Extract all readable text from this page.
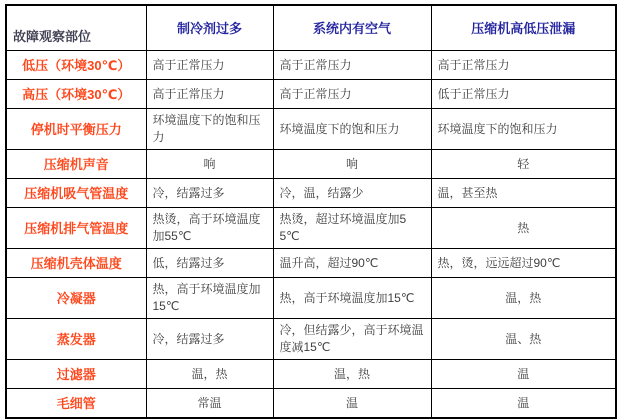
故障观察部位	制冷剂过多	系统内有空气	压缩机高低压泄漏
低压（环境30℃）	高于正常压力	高于正常压力	高于正常压力
高压（环境30℃）	高于正常压力	高于正常压力	低于正常压力
停机时平衡压力	环境温度下的饱和压力	环境温度下的饱和压力	环境温度下的饱和压力
压缩机声音	响	响	轻
压缩机吸气管温度	冷，结露过多	冷，温，结露少	温，甚至热
压缩机排气管温度	热烫，高于环境温度加55℃	热烫，超过环境温度加55℃	热
压缩机壳体温度	低，结露过多	温升高，超过90℃	热，烫，远远超过90℃
冷凝器	热，高于环境温度加15℃	热，高于环境温度加15℃	温，热
蒸发器	冷，结露过多	冷，但结露少，高于环境温度减15℃	温、热
过滤器	温，热	温，热	温
毛细管	常温	温	温
